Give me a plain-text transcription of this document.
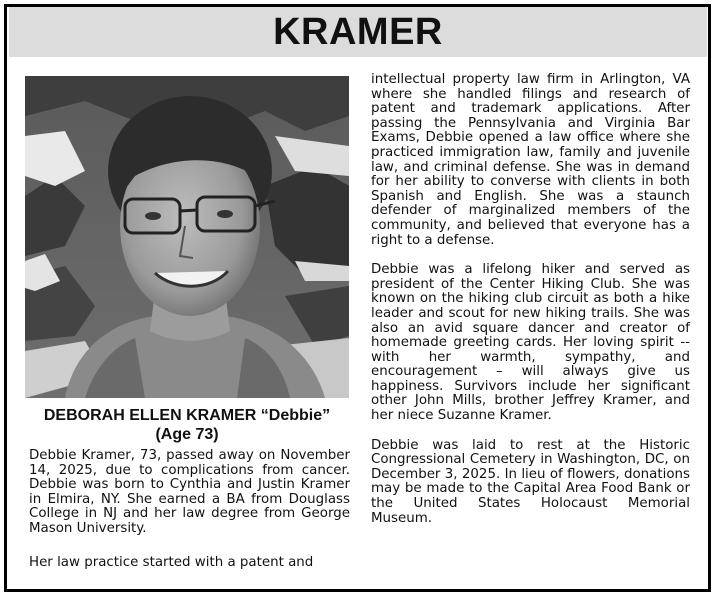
KRAMER
DEBORAH ELLEN KRAMER “Debbie”
(Age 73)

Debbie Kramer, 73, passed away on November 14, 2025, due to complications from cancer. Debbie was born to Cynthia and Justin Kramer in Elmira, NY. She earned a BA from Douglass College in NJ and her law degree from George Mason University.

Her law practice started with a patent and

intellectual property law firm in Arlington, VA where she handled filings and research of patent and trademark applications. After passing the Pennsylvania and Virginia Bar Exams, Debbie opened a law office where she practiced immigration law, family and juvenile law, and criminal defense. She was in demand for her ability to converse with clients in both Spanish and English. She was a staunch defender of marginalized members of the community, and believed that everyone has a right to a defense.

Debbie was a lifelong hiker and served as president of the Center Hiking Club. She was known on the hiking club circuit as both a hike leader and scout for new hiking trails. She was also an avid square dancer and creator of homemade greeting cards. Her loving spirit -- with her warmth, sympathy, and encouragement – will always give us happiness. Survivors include her significant other John Mills, brother Jeffrey Kramer, and her niece Suzanne Kramer.

Debbie was laid to rest at the Historic Congressional Cemetery in Washington, DC, on December 3, 2025. In lieu of flowers, donations may be made to the Capital Area Food Bank or the United States Holocaust Memorial Museum.
